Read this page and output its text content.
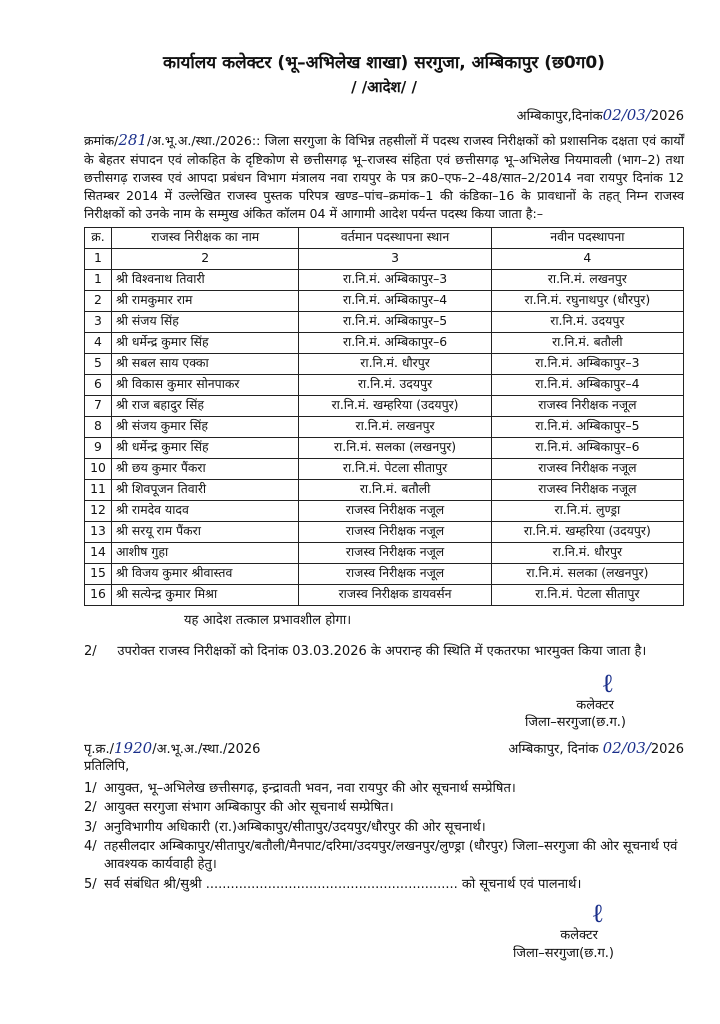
कार्यालय कलेक्टर (भू–अभिलेख शाखा) सरगुजा, अम्बिकापुर (छ0ग0)
/ /आदेश/ /
अम्बिकापुर,दिनांक02/03/2026
क्रमांक/281/अ.भू.अ./स्था./2026:: जिला सरगुजा के विभिन्न तहसीलों में पदस्थ राजस्व निरीक्षकों को प्रशासनिक दक्षता एवं कार्यों के बेहतर संपादन एवं लोकहित के दृष्टिकोण से छत्तीसगढ़ भू–राजस्व संहिता एवं छत्तीसगढ़ भू–अभिलेख नियमावली (भाग–2) तथा छत्तीसगढ़ राजस्व एवं आपदा प्रबंधन विभाग मंत्रालय नवा रायपुर के पत्र क्र0–एफ–2–48/सात–2/2014 नवा रायपुर दिनांक 12 सितम्बर 2014 में उल्लेखित राजस्व पुस्तक परिपत्र खण्ड–पांच–क्रमांक–1 की कंडिका–16 के प्रावधानों के तहत् निम्न राजस्व निरीक्षकों को उनके नाम के सम्मुख अंकित कॉलम 04 में आगामी आदेश पर्यन्त पदस्थ किया जाता है:–
क्र.	राजस्व निरीक्षक का नाम	वर्तमान पदस्थापना स्थान	नवीन पदस्थापना
1	2	3	4
1	श्री विश्वनाथ तिवारी	रा.नि.मं. अम्बिकापुर–3	रा.नि.मं. लखनपुर
2	श्री रामकुमार राम	रा.नि.मं. अम्बिकापुर–4	रा.नि.मं. रघुनाथपुर (धौरपुर)
3	श्री संजय सिंह	रा.नि.मं. अम्बिकापुर–5	रा.नि.मं. उदयपुर
4	श्री धर्मेन्द्र कुमार सिंह	रा.नि.मं. अम्बिकापुर–6	रा.नि.मं. बतौली
5	श्री सबल साय एक्का	रा.नि.मं. धौरपुर	रा.नि.मं. अम्बिकापुर–3
6	श्री विकास कुमार सोनपाकर	रा.नि.मं. उदयपुर	रा.नि.मं. अम्बिकापुर–4
7	श्री राज बहादुर सिंह	रा.नि.मं. खम्हरिया (उदयपुर)	राजस्व निरीक्षक नजूल
8	श्री संजय कुमार सिंह	रा.नि.मं. लखनपुर	रा.नि.मं. अम्बिकापुर–5
9	श्री धर्मेन्द्र कुमार सिंह	रा.नि.मं. सलका (लखनपुर)	रा.नि.मं. अम्बिकापुर–6
10	श्री छय कुमार पैंकरा	रा.नि.मं. पेटला सीतापुर	राजस्व निरीक्षक नजूल
11	श्री शिवपूजन तिवारी	रा.नि.मं. बतौली	राजस्व निरीक्षक नजूल
12	श्री रामदेव यादव	राजस्व निरीक्षक नजूल	रा.नि.मं. लुण्ड्रा
13	श्री सरयू राम पैंकरा	राजस्व निरीक्षक नजूल	रा.नि.मं. खम्हरिया (उदयपुर)
14	आशीष गुहा	राजस्व निरीक्षक नजूल	रा.नि.मं. धौरपुर
15	श्री विजय कुमार श्रीवास्तव	राजस्व निरीक्षक नजूल	रा.नि.मं. सलका (लखनपुर)
16	श्री सत्येन्द्र कुमार मिश्रा	राजस्व निरीक्षक डायवर्सन	रा.नि.मं. पेटला सीतापुर
यह आदेश तत्काल प्रभावशील होगा।
2/ उपरोक्त राजस्व निरीक्षकों को दिनांक 03.03.2026 के अपरान्ह की स्थिति में एकतरफा भारमुक्त किया जाता है।
ℓ
कलेक्टर
जिला–सरगुजा(छ.ग.)
पृ.क्र./1920/अ.भू.अ./स्था./2026	अम्बिकापुर, दिनांक 02/03/2026
प्रतिलिपि,
1/ आयुक्त, भू–अभिलेख छत्तीसगढ़, इन्द्रावती भवन, नवा रायपुर की ओर सूचनार्थ सम्प्रेषित।
2/ आयुक्त सरगुजा संभाग अम्बिकापुर की ओर सूचनार्थ सम्प्रेषित।
3/ अनुविभागीय अधिकारी (रा.)अम्बिकापुर/सीतापुर/उदयपुर/धौरपुर की ओर सूचनार्थ।
4/ तहसीलदार अम्बिकापुर/सीतापुर/बतौली/मैनपाट/दरिमा/उदयपुर/लखनपुर/लुण्ड्रा (धौरपुर) जिला–सरगुजा की ओर सूचनार्थ एवं आवश्यक कार्यवाही हेतु।
5/ सर्व संबंधित श्री/सुश्री ............................................................. को सूचनार्थ एवं पालनार्थ।
ℓ
कलेक्टर
जिला–सरगुजा(छ.ग.)
